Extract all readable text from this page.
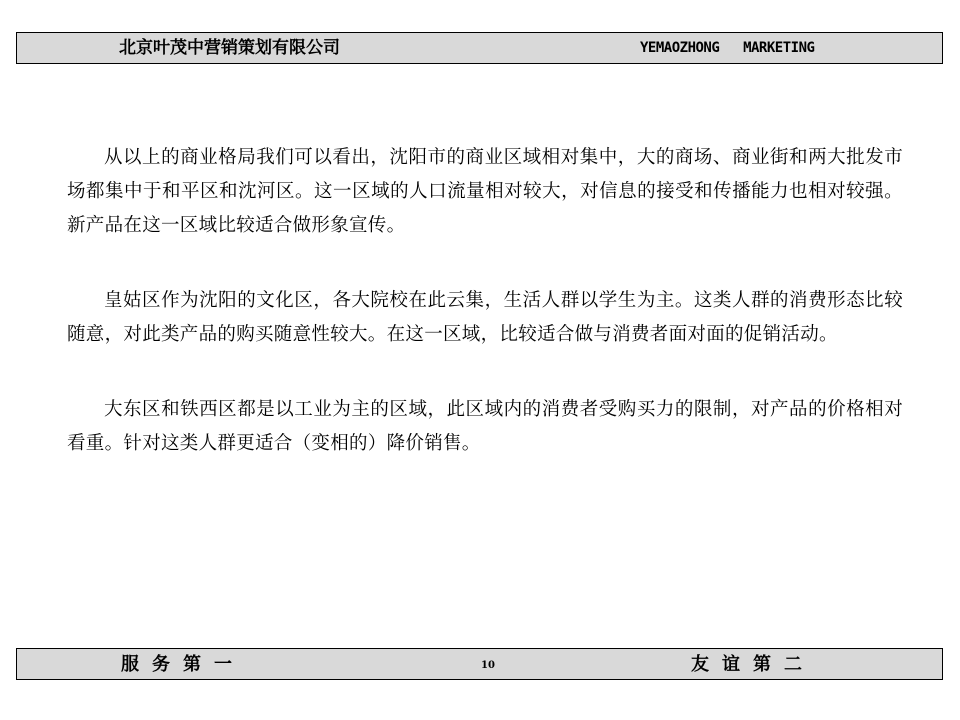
北京叶茂中营销策划有限公司	YEMAOZHONG   MARKETING

从以上的商业格局我们可以看出，沈阳市的商业区域相对集中，大的商场、商业街和两大批发市场都集中于和平区和沈河区。这一区域的人口流量相对较大，对信息的接受和传播能力也相对较强。新产品在这一区域比较适合做形象宣传。

皇姑区作为沈阳的文化区，各大院校在此云集，生活人群以学生为主。这类人群的消费形态比较随意，对此类产品的购买随意性较大。在这一区域，比较适合做与消费者面对面的促销活动。

大东区和铁西区都是以工业为主的区域，此区域内的消费者受购买力的限制，对产品的价格相对看重。针对这类人群更适合（变相的）降价销售。

服务第一	10	友谊第二
